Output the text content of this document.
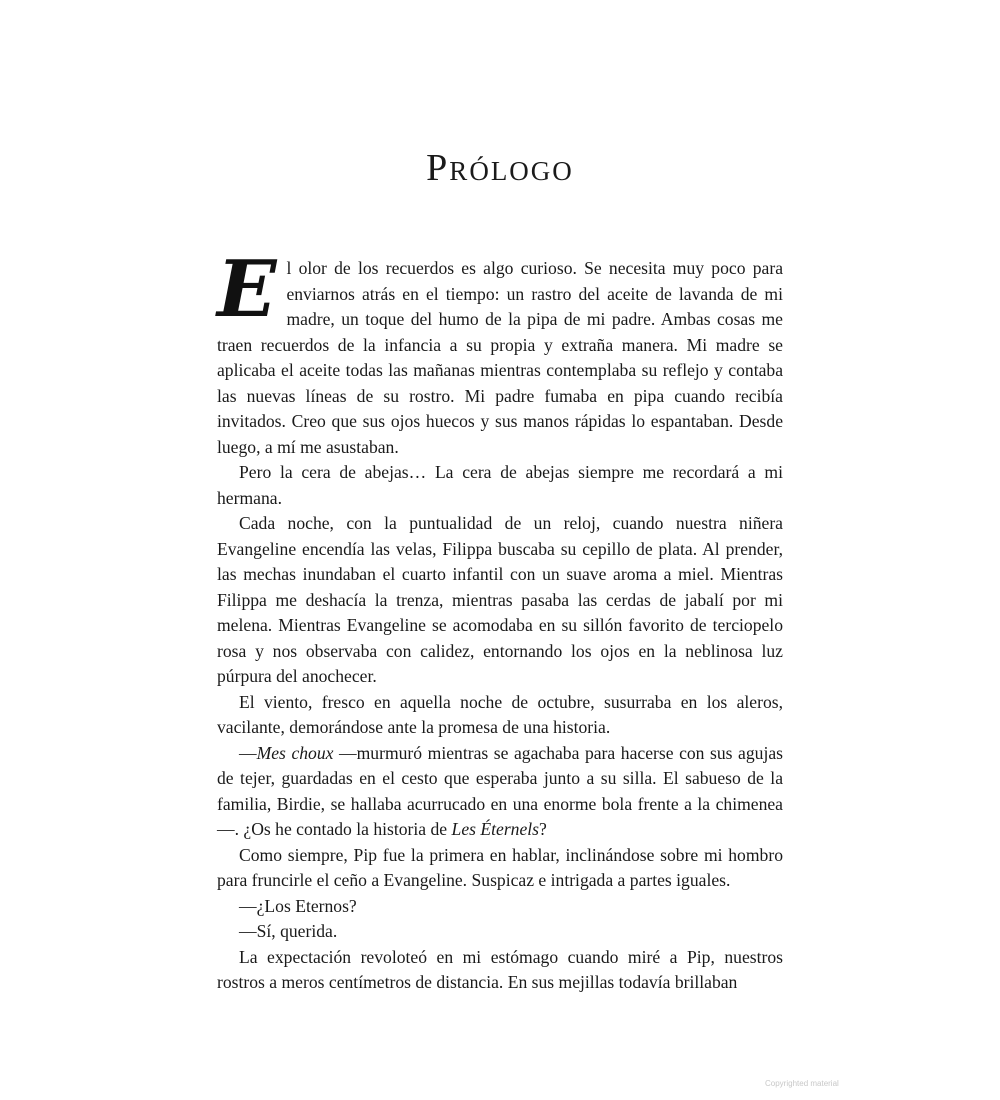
Prólogo

El olor de los recuerdos es algo curioso. Se necesita muy poco para enviarnos atrás en el tiempo: un rastro del aceite de lavanda de mi madre, un toque del humo de la pipa de mi padre. Ambas cosas me traen recuerdos de la infancia a su propia y extraña manera. Mi madre se aplicaba el aceite todas las mañanas mientras contemplaba su reflejo y contaba las nuevas líneas de su rostro. Mi padre fumaba en pipa cuando recibía invitados. Creo que sus ojos huecos y sus manos rápidas lo espantaban. Desde luego, a mí me asustaban.

Pero la cera de abejas… La cera de abejas siempre me recordará a mi hermana.

Cada noche, con la puntualidad de un reloj, cuando nuestra niñera Evangeline encendía las velas, Filippa buscaba su cepillo de plata. Al prender, las mechas inundaban el cuarto infantil con un suave aroma a miel. Mientras Filippa me deshacía la trenza, mientras pasaba las cerdas de jabalí por mi melena. Mientras Evangeline se acomodaba en su sillón favorito de terciopelo rosa y nos observaba con calidez, entornando los ojos en la neblinosa luz púrpura del anochecer.

El viento, fresco en aquella noche de octubre, susurraba en los aleros, vacilante, demorándose ante la promesa de una historia.

—Mes choux —murmuró mientras se agachaba para hacerse con sus agujas de tejer, guardadas en el cesto que esperaba junto a su silla. El sabueso de la familia, Birdie, se hallaba acurrucado en una enorme bola frente a la chimenea—. ¿Os he contado la historia de Les Éternels?

Como siempre, Pip fue la primera en hablar, inclinándose sobre mi hombro para fruncirle el ceño a Evangeline. Suspicaz e intrigada a partes iguales.

—¿Los Eternos?

—Sí, querida.

La expectación revoloteó en mi estómago cuando miré a Pip, nuestros rostros a meros centímetros de distancia. En sus mejillas todavía brillaban

Copyrighted material
